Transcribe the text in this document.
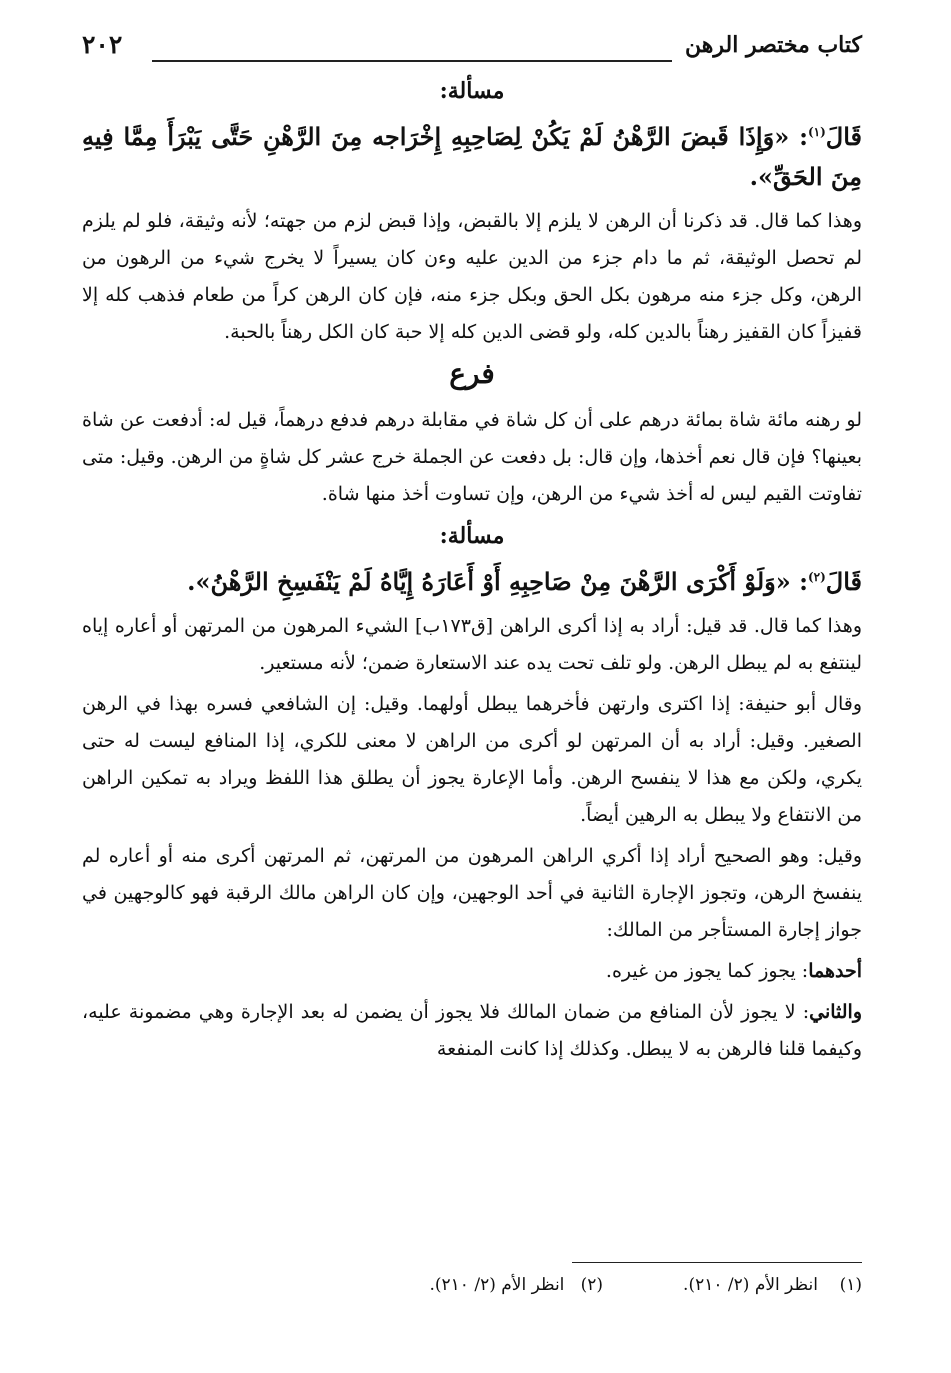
كتاب مختصر الرهن
٢٠٢
مسألة:
قَالَ$^{(١)}$: «وَإِذَا قَبضَ الرَّهْنُ لَمْ يَكُنْ لِصَاحِبِهِ إِخْرَاجه مِنَ الرَّهْنِ حَتَّى يَبْرَأَ مِمَّا فِيهِ مِنَ الحَقِّ».

وهذا كما قال. قد ذكرنا أن الرهن لا يلزم إلا بالقبض، وإذا قبض لزم من جهته؛ لأنه وثيقة، فلو لم يلزم لم تحصل الوثيقة، ثم ما دام جزء من الدين عليه وءن كان يسيراً لا يخرج شيء من الرهون من الرهن، وكل جزء منه مرهون بكل الحق وبكل جزء منه، فإن كان الرهن كراً من طعام فذهب كله إلا قفيزاً كان القفيز رهناً بالدين كله، ولو قضى الدين كله إلا حبة كان الكل رهناً بالحبة.

فرع

لو رهنه مائة شاة بمائة درهم على أن كل شاة في مقابلة درهم فدفع درهماً، قيل له: أدفعت عن شاة بعينها؟ فإن قال نعم أخذها، وإن قال: بل دفعت عن الجملة خرج عشر كل شاةٍ من الرهن. وقيل: متى تفاوتت القيم ليس له أخذ شيء من الرهن، وإن تساوت أخذ منها شاة.

مسألة:
قَالَ$^{(٢)}$: «وَلَوْ أَكْرَى الرَّهْنَ مِنْ صَاحِبِهِ أَوْ أَعَارَهُ إِيَّاهُ لَمْ يَنْفَسِخِ الرَّهْنُ».

وهذا كما قال. قد قيل: أراد به إذا أكرى الراهن [ق١٧٣ب] الشيء المرهون من المرتهن أو أعاره إياه لينتفع به لم يبطل الرهن. ولو تلف تحت يده عند الاستعارة ضمن؛ لأنه مستعير.

وقال أبو حنيفة: إذا اكترى وارتهن فأخرهما يبطل أولهما. وقيل: إن الشافعي فسره بهذا في الرهن الصغير. وقيل: أراد به أن المرتهن لو أكرى من الراهن لا معنى للكري، إذا المنافع ليست له حتى يكري، ولكن مع هذا لا ينفسح الرهن. وأما الإعارة يجوز أن يطلق هذا اللفظ ويراد به تمكين الراهن من الانتفاع ولا يبطل به الرهين أيضاً.

وقيل: وهو الصحيح أراد إذا أكري الراهن المرهون من المرتهن، ثم المرتهن أكرى منه أو أعاره لم ينفسخ الرهن، وتجوز الإجارة الثانية في أحد الوجهين، وإن كان الراهن مالك الرقبة فهو كالوجهين في جواز إجارة المستأجر من المالك:

أحدهما: يجوز كما يجوز من غيره.

والثاني: لا يجوز لأن المنافع من ضمان المالك فلا يجوز أن يضمن له بعد الإجارة وهي مضمونة عليه، وكيفما قلنا فالرهن به لا يبطل. وكذلك إذا كانت المنفعة

(١)    انظر الأم (٢/ ٢١٠).
(٢)   انظر الأم (٢/ ٢١٠).
